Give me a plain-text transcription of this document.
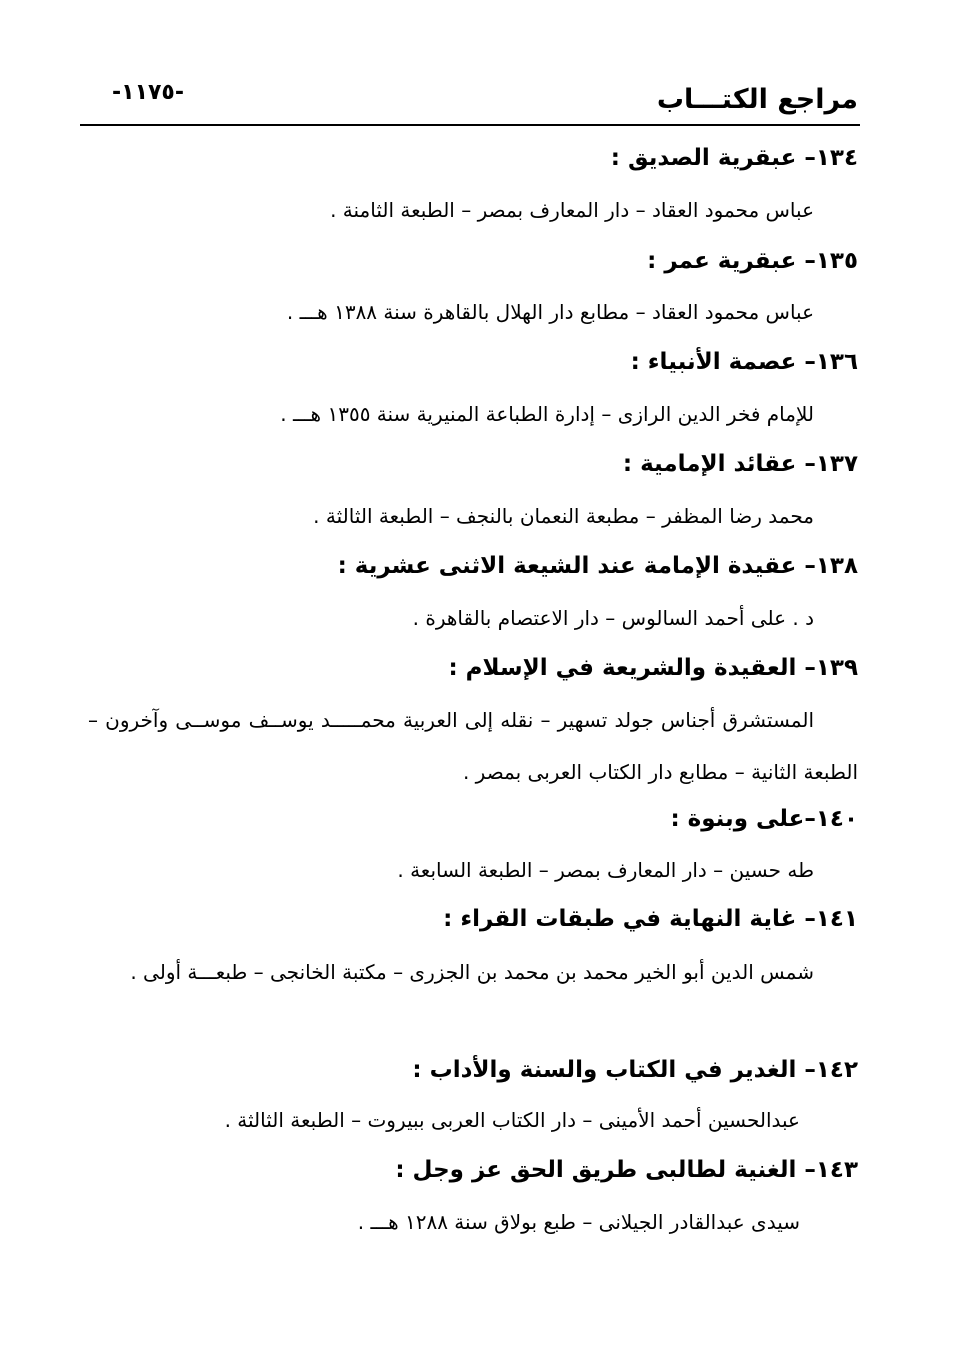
مراجع الكتـــاب
-١١٧٥-
١٣٤– عبقرية الصديق :
عباس محمود العقاد – دار المعارف بمصر – الطبعة الثامنة .
١٣٥– عبقرية عمر :
عباس محمود العقاد – مطابع دار الهلال بالقاهرة سنة ١٣٨٨ هـــ .
١٣٦– عصمة الأنبياء :
للإمام فخر الدين الرازى – إدارة الطباعة المنيرية سنة ١٣٥٥ هـــ .
١٣٧– عقائد الإمامية :
محمد رضا المظفر – مطبعة النعمان بالنجف – الطبعة الثالثة .
١٣٨– عقيدة الإمامة عند الشيعة الاثنى عشرية :
د . على أحمد السالوس – دار الاعتصام بالقاهرة .
١٣٩– العقيدة والشريعة في الإسلام :
المستشرق أجناس جولد تسهير – نقله إلى العربية محمـــــد يوســف موســى وآخرون – الطبعة الثانية – مطابع دار الكتاب العربى بمصر .
١٤٠–على وبنوة :
طه حسين – دار المعارف بمصر – الطبعة السابعة .
١٤١– غاية النهاية في طبقات القراء :
شمس الدين أبو الخير محمد بن محمد بن الجزرى – مكتبة الخانجى – طبعـــة أولى .
١٤٢– الغدير في الكتاب والسنة والأداب :
عبدالحسين أحمد الأمينى – دار الكتاب العربى ببيروت – الطبعة الثالثة .
١٤٣– الغنية لطالبى طريق الحق عز وجل :
سيدى عبدالقادر الجيلانى – طبع بولاق سنة ١٢٨٨ هـــ .
